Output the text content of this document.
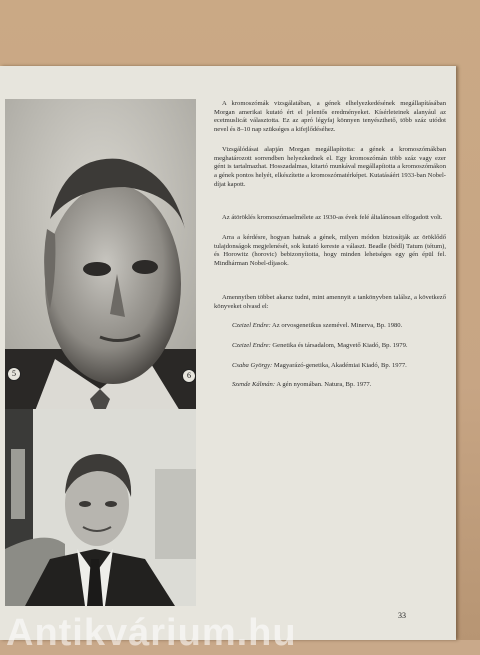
5	6

A kromoszómák vizsgálatában, a gének elhelyezkedésének megállapításában Morgan amerikai kutató ért el jelentős eredményeket. Kísérleteinek alanyául az ecetmuslicát választotta. Ez az apró légyfaj könnyen tenyészthető, több száz utódot nevel és 8–10 nap szükséges a kifejlődéséhez.

Vizsgálódásai alapján Morgan megállapította: a gének a kromoszómákban meghatározott sorrendben helyezkednek el. Egy kromoszómán több száz vagy ezer gént is tartalmazhat. Hosszadalmas, kitartó munkával megállapította a kromoszómákon a gének pontos helyét, elkészítette a kromoszómatérképet. Kutatásáért 1933-ban Nobel-díjat kapott.

Az átöröklés kromoszómaelmélete az 1930-as évek felé általánosan elfogadott volt.

Arra a kérdésre, hogyan hatnak a gének, milyen módon biztosítják az öröklődő tulajdonságok megjelenését, sok kutató kereste a választ. Beadle (bédl) Tatum (tétum), és Horowitz (horovic) bebizonyította, hogy minden lehetséges egy gén épül fel. Mindhárman Nobel-díjasok.

Amennyiben többet akarsz tudni, mint amennyit a tankönyvben találsz, a következő könyveket olvasd el:

Czeizel Endre: Az orvosgenetikus szemével. Minerva, Bp. 1980.

Czeizel Endre: Genetika és társadalom, Magvető Kiadó, Bp. 1979.

Csaba György: Magyarázó-genetika, Akadémiai Kiadó, Bp. 1977.

Szende Kálmán: A gén nyomában. Natura, Bp. 1977.

33
Antikvárium.hu
